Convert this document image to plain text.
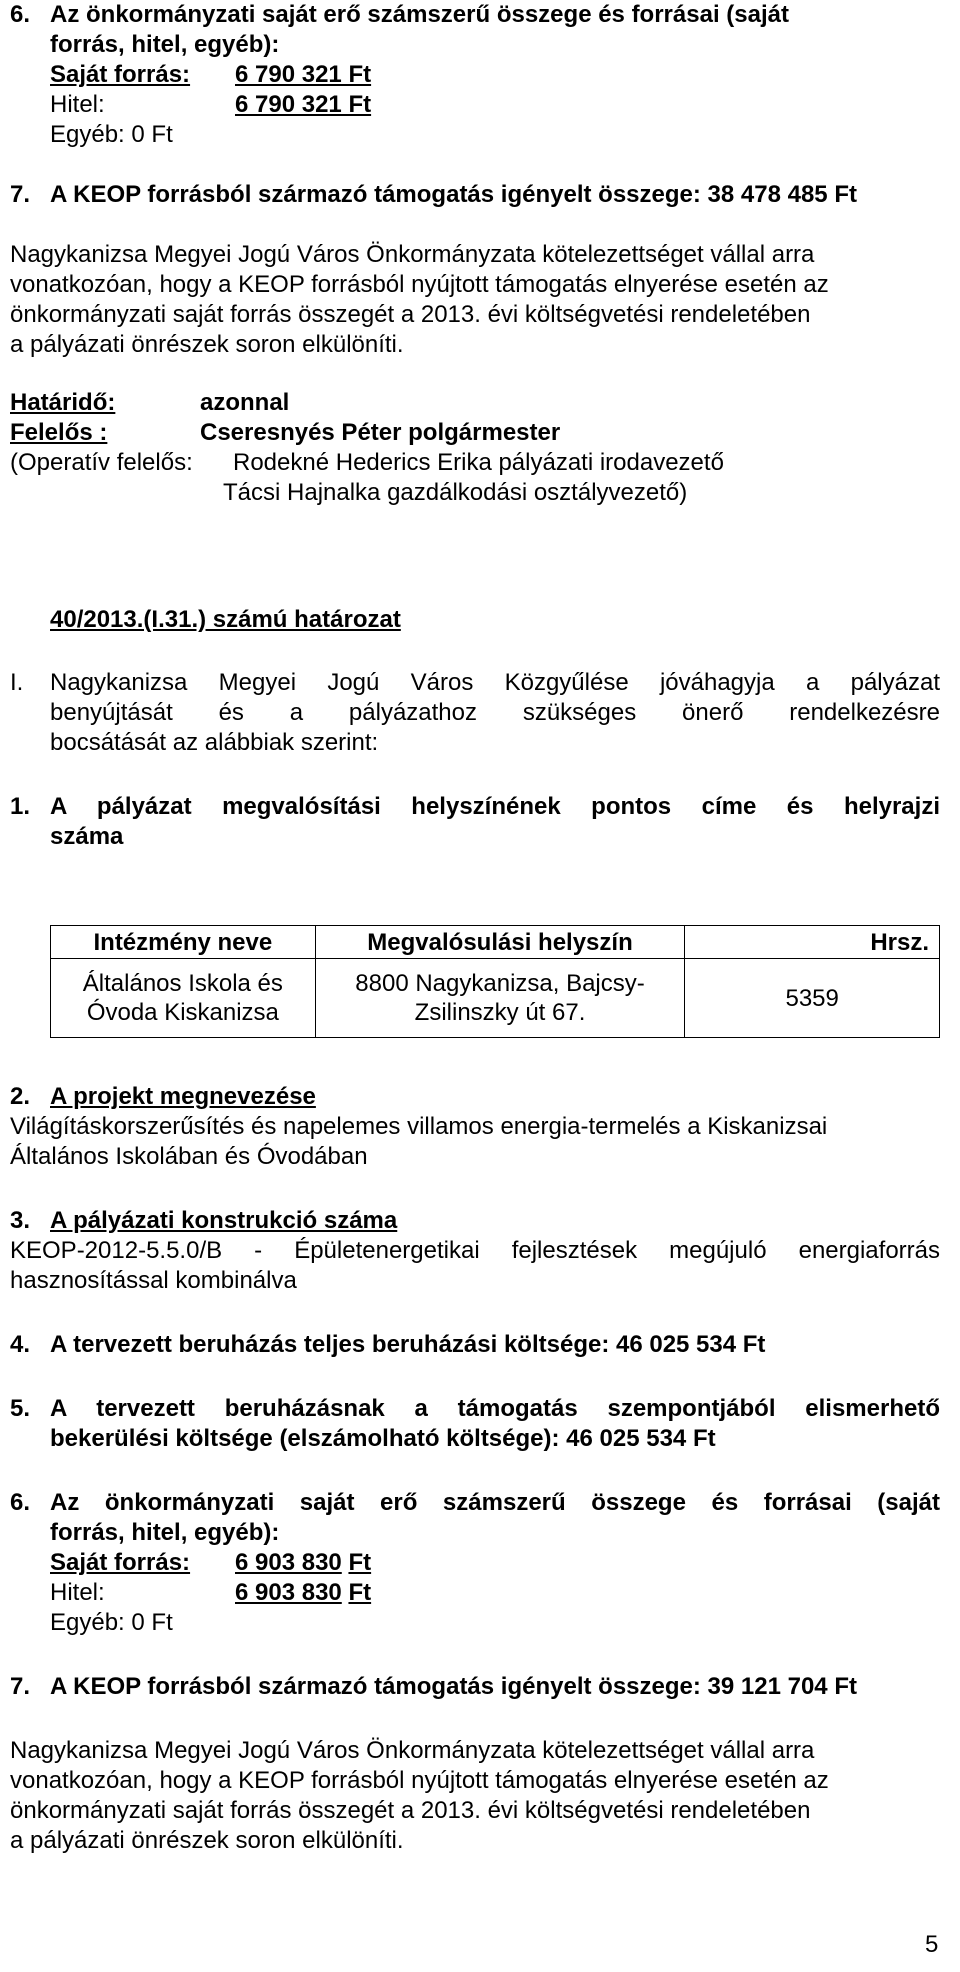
6. Az önkormányzati saját erő számszerű összege és forrásai (saját
forrás, hitel, egyéb):
Saját forrás: 6 790 321 Ft
Hitel:	6 790 321 Ft
Egyéb: 0 Ft
7. A KEOP forrásból származó támogatás igényelt összege: 38 478 485 Ft
Nagykanizsa Megyei Jogú Város Önkormányzata kötelezettséget vállal arra
vonatkozóan, hogy a KEOP forrásból nyújtott támogatás elnyerése esetén az
önkormányzati saját forrás összegét a 2013. évi költségvetési rendeletében
a pályázati önrészek soron elkülöníti.
Határidő:	azonnal
Felelős :	Cseresnyés Péter polgármester
(Operatív felelős: Rodekné Hederics Erika pályázati irodavezető
Tácsi Hajnalka gazdálkodási osztályvezető)
40/2013.(I.31.) számú határozat
I.	Nagykanizsa Megyei Jogú Város Közgyűlése jóváhagyja a pályázat
benyújtását és a pályázathoz szükséges önerő rendelkezésre
bocsátását az alábbiak szerint:
1. A pályázat megvalósítási helyszínének pontos címe és helyrajzi
száma
Intézmény neve	Megvalósulási helyszín	Hrsz.
Általános Iskola és Óvoda Kiskanizsa	8800 Nagykanizsa, Bajcsy-Zsilinszky út 67.	5359
2. A projekt megnevezése
Világításkorszerűsítés és napelemes villamos energia-termelés a Kiskanizsai
Általános Iskolában és Óvodában
3. A pályázati konstrukció száma
KEOP-2012-5.5.0/B - Épületenergetikai fejlesztések megújuló energiaforrás
hasznosítással kombinálva
4. A tervezett beruházás teljes beruházási költsége: 46 025 534 Ft
5. A tervezett beruházásnak a támogatás szempontjából elismerhető
bekerülési költsége (elszámolható költsége): 46 025 534 Ft
6. Az önkormányzati saját erő számszerű összege és forrásai (saját
forrás, hitel, egyéb):
Saját forrás: 6 903 830 Ft
Hitel:	6 903 830 Ft
Egyéb: 0 Ft
7. A KEOP forrásból származó támogatás igényelt összege: 39 121 704 Ft
Nagykanizsa Megyei Jogú Város Önkormányzata kötelezettséget vállal arra
vonatkozóan, hogy a KEOP forrásból nyújtott támogatás elnyerése esetén az
önkormányzati saját forrás összegét a 2013. évi költségvetési rendeletében
a pályázati önrészek soron elkülöníti.
5
